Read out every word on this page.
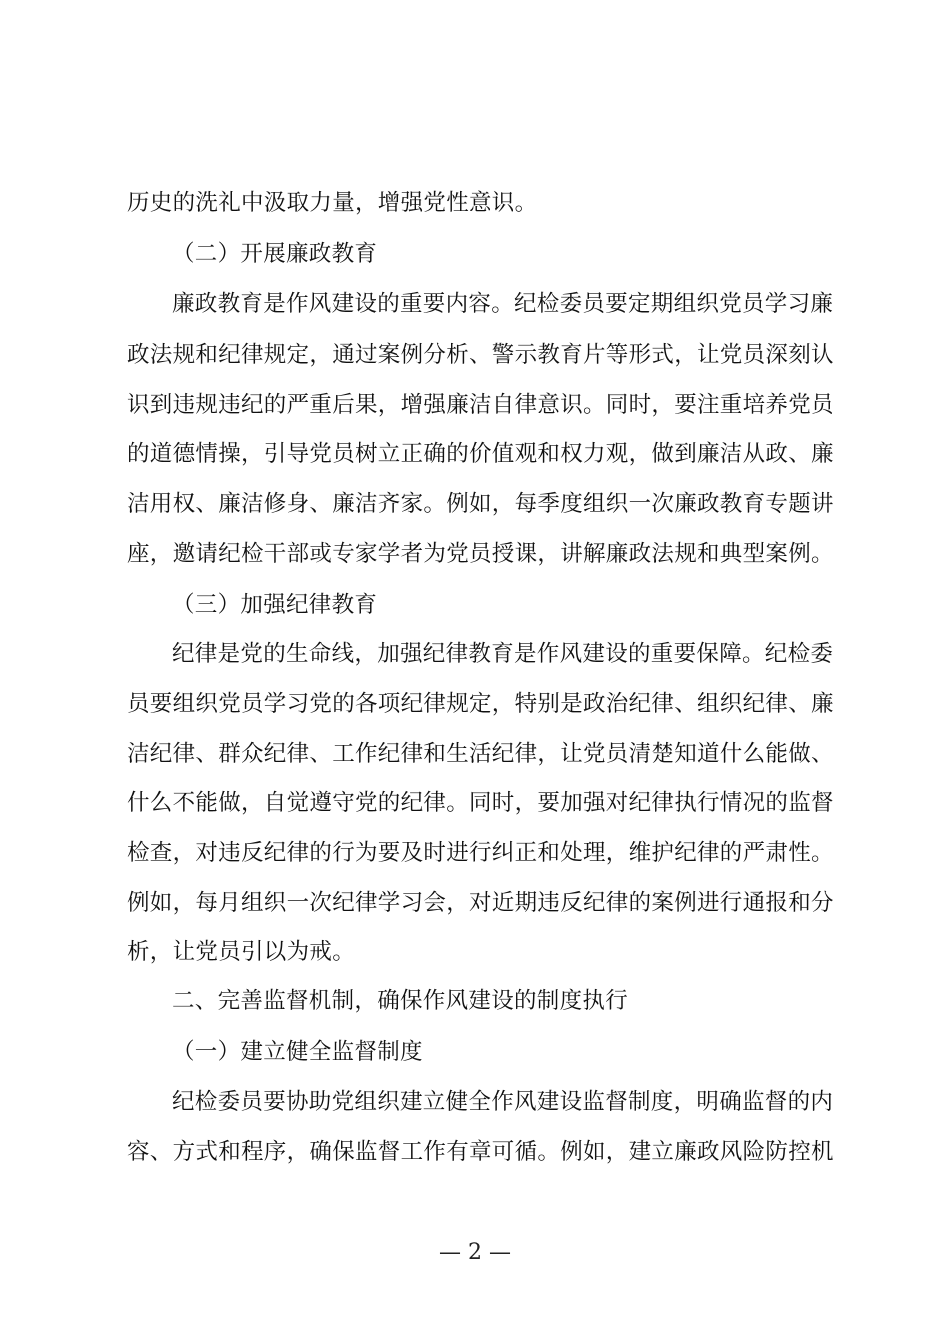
历史的洗礼中汲取力量，增强党性意识。
（二）开展廉政教育
廉政教育是作风建设的重要内容。纪检委员要定期组织党员学习廉
政法规和纪律规定，通过案例分析、警示教育片等形式，让党员深刻认
识到违规违纪的严重后果，增强廉洁自律意识。同时，要注重培养党员
的道德情操，引导党员树立正确的价值观和权力观，做到廉洁从政、廉
洁用权、廉洁修身、廉洁齐家。例如，每季度组织一次廉政教育专题讲
座，邀请纪检干部或专家学者为党员授课，讲解廉政法规和典型案例。
（三）加强纪律教育
纪律是党的生命线，加强纪律教育是作风建设的重要保障。纪检委
员要组织党员学习党的各项纪律规定，特别是政治纪律、组织纪律、廉
洁纪律、群众纪律、工作纪律和生活纪律，让党员清楚知道什么能做、
什么不能做，自觉遵守党的纪律。同时，要加强对纪律执行情况的监督
检查，对违反纪律的行为要及时进行纠正和处理，维护纪律的严肃性。
例如，每月组织一次纪律学习会，对近期违反纪律的案例进行通报和分
析，让党员引以为戒。
二、完善监督机制，确保作风建设的制度执行
（一）建立健全监督制度
纪检委员要协助党组织建立健全作风建设监督制度，明确监督的内
容、方式和程序，确保监督工作有章可循。例如，建立廉政风险防控机
— 2 —
